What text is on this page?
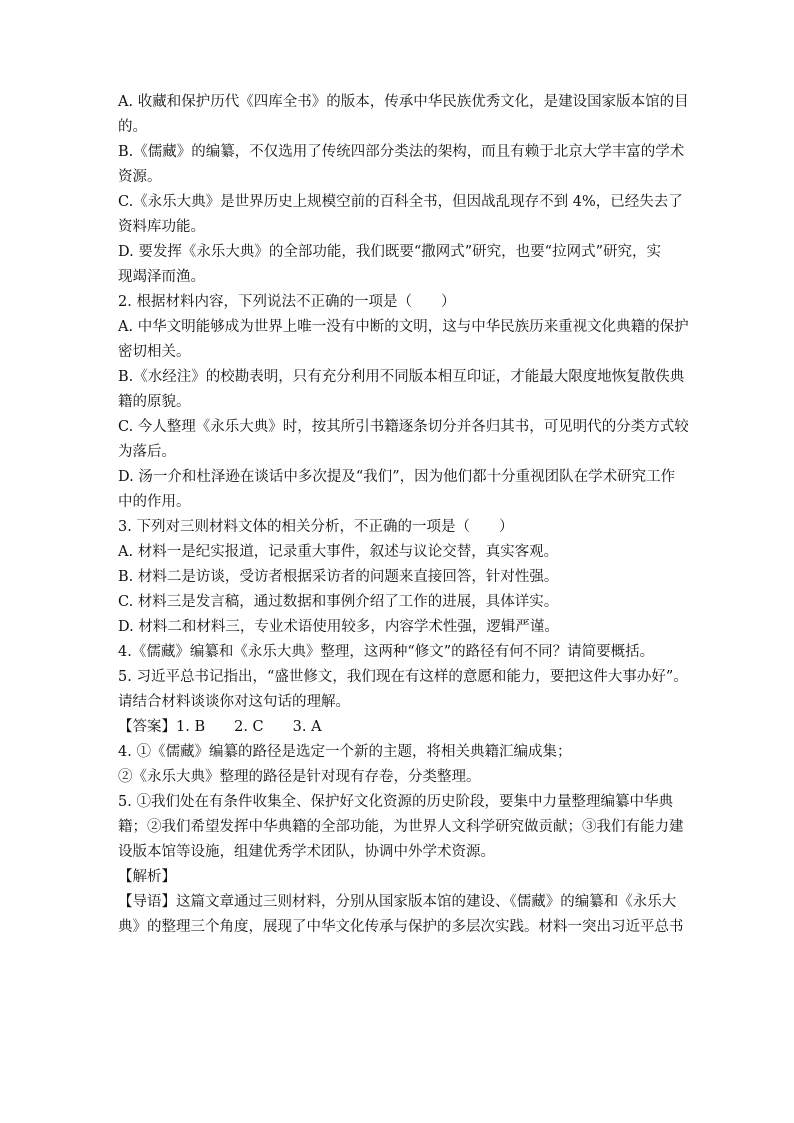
A. 收藏和保护历代《四库全书》的版本，传承中华民族优秀文化，是建设国家版本馆的目

的。

B.《儒藏》的编纂，不仅选用了传统四部分类法的架构，而且有赖于北京大学丰富的学术

资源。

C.《永乐大典》是世界历史上规模空前的百科全书，但因战乱现存不到 4%，已经失去了

资料库功能。

D. 要发挥《永乐大典》的全部功能，我们既要“撒网式”研究，也要“拉网式”研究，实

现竭泽而渔。

2. 根据材料内容，下列说法不正确的一项是（　　）

A. 中华文明能够成为世界上唯一没有中断的文明，这与中华民族历来重视文化典籍的保护

密切相关。

B.《水经注》的校勘表明，只有充分利用不同版本相互印证，才能最大限度地恢复散佚典

籍的原貌。

C. 今人整理《永乐大典》时，按其所引书籍逐条切分并各归其书，可见明代的分类方式较

为落后。

D. 汤一介和杜泽逊在谈话中多次提及“我们”，因为他们都十分重视团队在学术研究工作

中的作用。

3. 下列对三则材料文体的相关分析，不正确的一项是（　　）

A. 材料一是纪实报道，记录重大事件，叙述与议论交替，真实客观。

B. 材料二是访谈，受访者根据采访者的问题来直接回答，针对性强。

C. 材料三是发言稿，通过数据和事例介绍了工作的进展，具体详实。

D. 材料二和材料三，专业术语使用较多，内容学术性强，逻辑严谨。

4.《儒藏》编纂和《永乐大典》整理，这两种“修文”的路径有何不同？请简要概括。

5. 习近平总书记指出，“盛世修文，我们现在有这样的意愿和能力，要把这件大事办好”。

请结合材料谈谈你对这句话的理解。

【答案】1. B　　2. C　　3. A

4. ①《儒藏》编纂的路径是选定一个新的主题，将相关典籍汇编成集；

②《永乐大典》整理的路径是针对现有存卷，分类整理。

5. ①我们处在有条件收集全、保护好文化资源的历史阶段，要集中力量整理编纂中华典

籍；②我们希望发挥中华典籍的全部功能，为世界人文科学研究做贡献；③我们有能力建

设版本馆等设施，组建优秀学术团队，协调中外学术资源。

【解析】

【导语】这篇文章通过三则材料，分别从国家版本馆的建设、《儒藏》的编纂和《永乐大

典》的整理三个角度，展现了中华文化传承与保护的多层次实践。材料一突出习近平总书
